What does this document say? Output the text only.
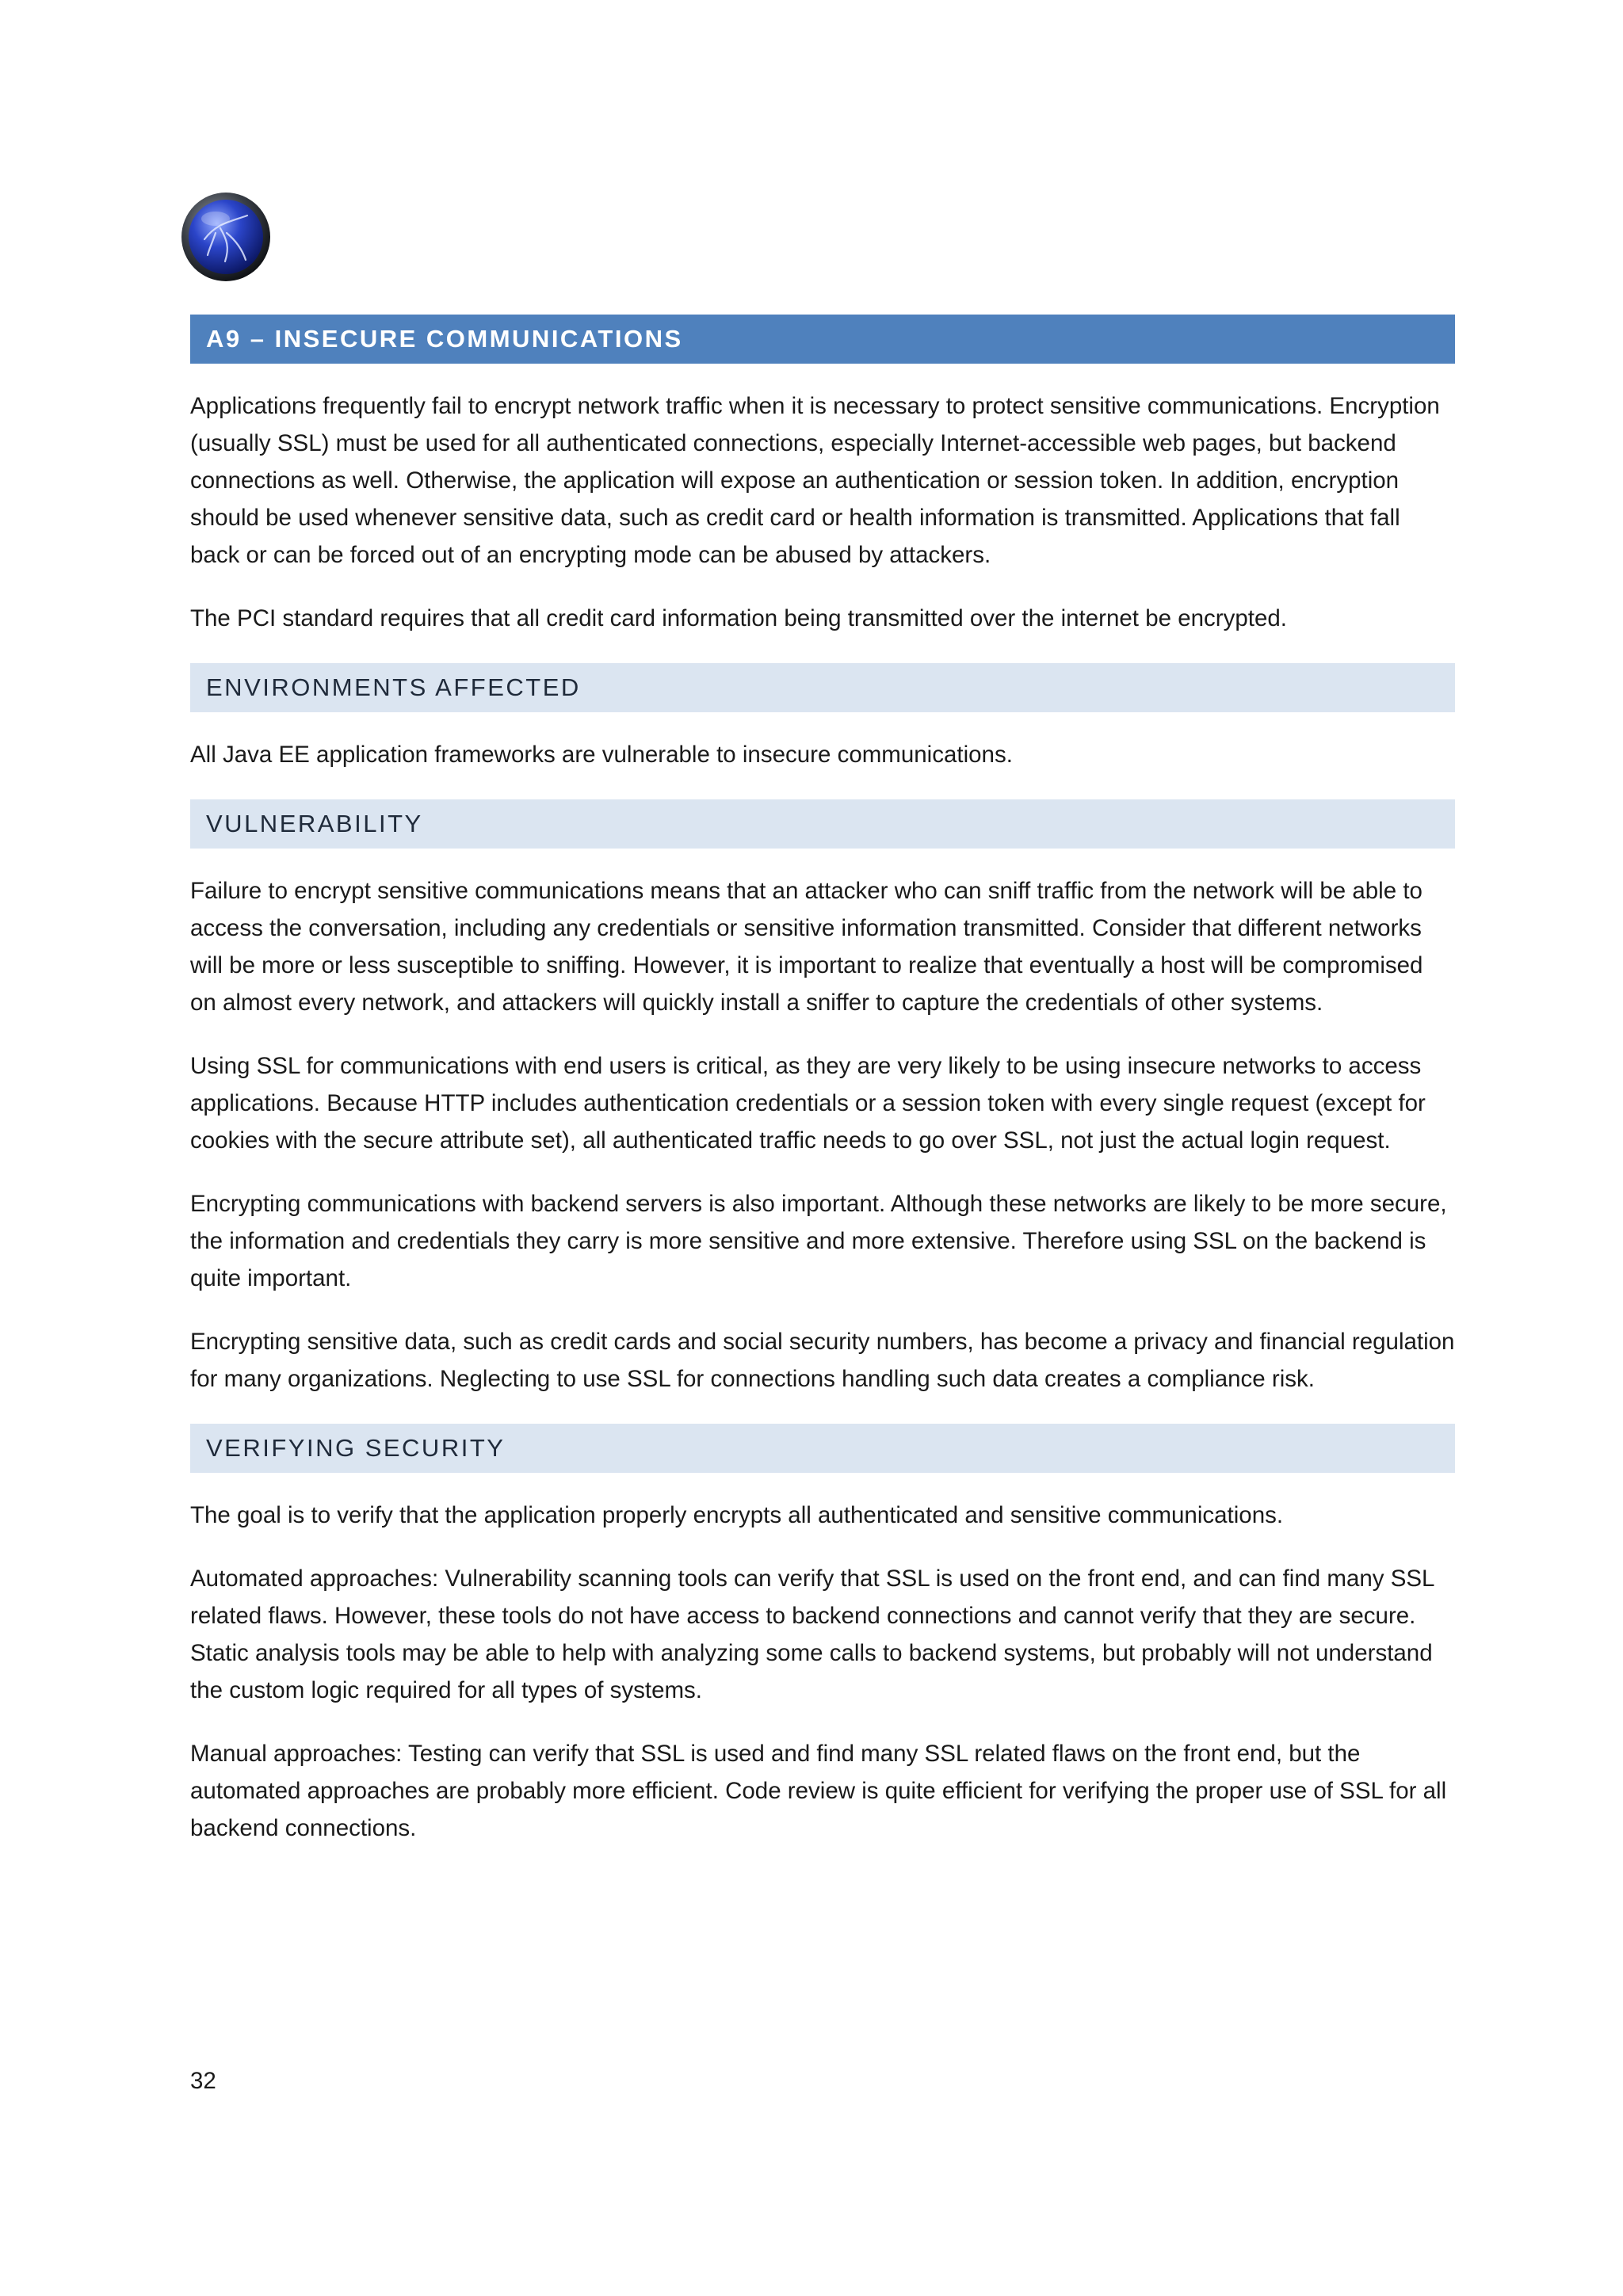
A9 – INSECURE COMMUNICATIONS

Applications frequently fail to encrypt network traffic when it is necessary to protect sensitive communications. Encryption (usually SSL) must be used for all authenticated connections, especially Internet-accessible web pages, but backend connections as well. Otherwise, the application will expose an authentication or session token. In addition, encryption should be used whenever sensitive data, such as credit card or health information is transmitted. Applications that fall back or can be forced out of an encrypting mode can be abused by attackers.

The PCI standard requires that all credit card information being transmitted over the internet be encrypted.

ENVIRONMENTS AFFECTED

All Java EE application frameworks are vulnerable to insecure communications.

VULNERABILITY

Failure to encrypt sensitive communications means that an attacker who can sniff traffic from the network will be able to access the conversation, including any credentials or sensitive information transmitted. Consider that different networks will be more or less susceptible to sniffing. However, it is important to realize that eventually a host will be compromised on almost every network, and attackers will quickly install a sniffer to capture the credentials of other systems.

Using SSL for communications with end users is critical, as they are very likely to be using insecure networks to access applications. Because HTTP includes authentication credentials or a session token with every single request (except for cookies with the secure attribute set), all authenticated traffic needs to go over SSL, not just the actual login request.

Encrypting communications with backend servers is also important. Although these networks are likely to be more secure, the information and credentials they carry is more sensitive and more extensive. Therefore using SSL on the backend is quite important.

Encrypting sensitive data, such as credit cards and social security numbers, has become a privacy and financial regulation for many organizations. Neglecting to use SSL for connections handling such data creates a compliance risk.

VERIFYING SECURITY

The goal is to verify that the application properly encrypts all authenticated and sensitive communications.

Automated approaches: Vulnerability scanning tools can verify that SSL is used on the front end, and can find many SSL related flaws. However, these tools do not have access to backend connections and cannot verify that they are secure. Static analysis tools may be able to help with analyzing some calls to backend systems, but probably will not understand the custom logic required for all types of systems.

Manual approaches: Testing can verify that SSL is used and find many SSL related flaws on the front end, but the automated approaches are probably more efficient. Code review is quite efficient for verifying the proper use of SSL for all backend connections.

32
